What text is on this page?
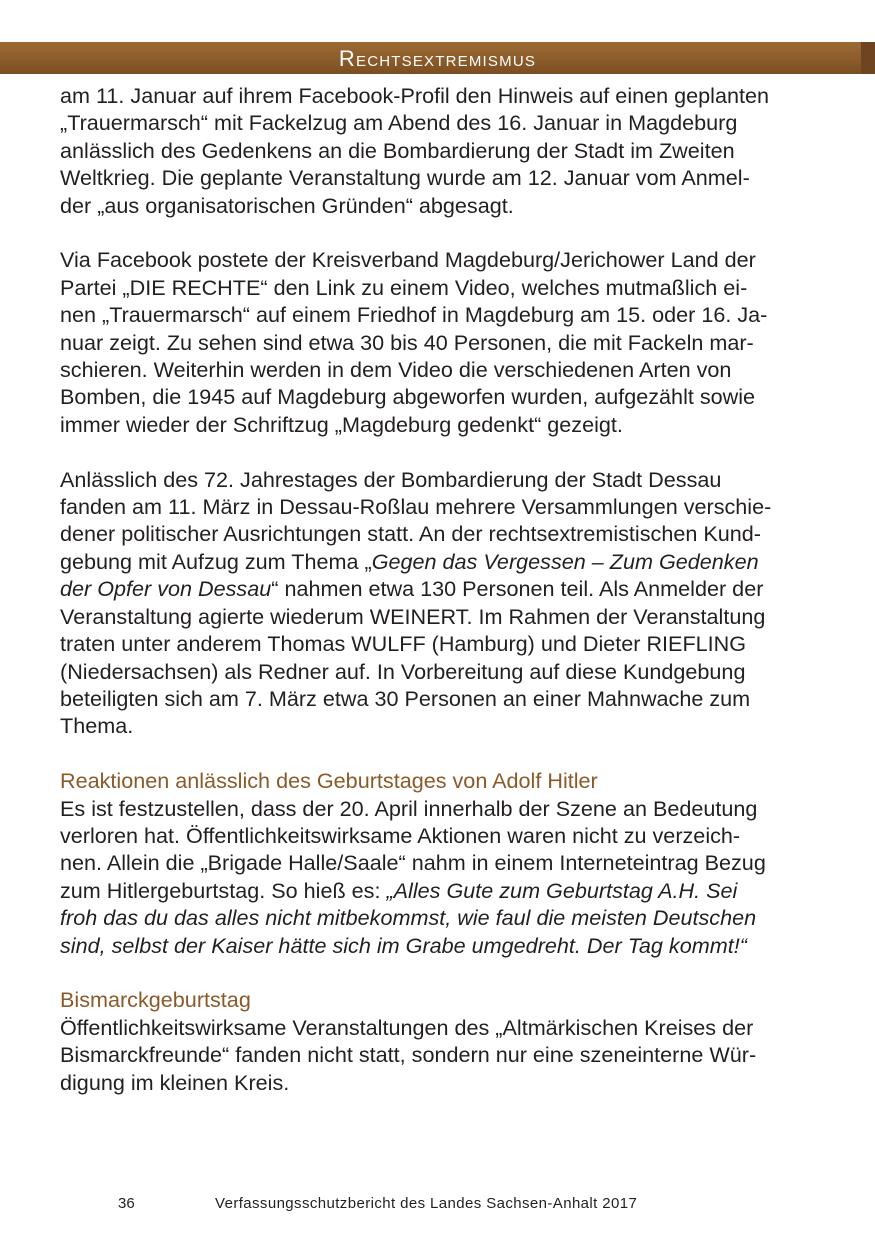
Rechtsextremismus

am 11. Januar auf ihrem Facebook-Profil den Hinweis auf einen geplanten
„Trauermarsch“ mit Fackelzug am Abend des 16. Januar in Magdeburg
anlässlich des Gedenkens an die Bombardierung der Stadt im Zweiten
Weltkrieg. Die geplante Veranstaltung wurde am 12. Januar vom Anmel-
der „aus organisatorischen Gründen“ abgesagt.

Via Facebook postete der Kreisverband Magdeburg/Jerichower Land der
Partei „DIE RECHTE“ den Link zu einem Video, welches mutmaßlich ei-
nen „Trauermarsch“ auf einem Friedhof in Magdeburg am 15. oder 16. Ja-
nuar zeigt. Zu sehen sind etwa 30 bis 40 Personen, die mit Fackeln mar-
schieren. Weiterhin werden in dem Video die verschiedenen Arten von
Bomben, die 1945 auf Magdeburg abgeworfen wurden, aufgezählt sowie
immer wieder der Schriftzug „Magdeburg gedenkt“ gezeigt.

Anlässlich des 72. Jahrestages der Bombardierung der Stadt Dessau
fanden am 11. März in Dessau-Roßlau mehrere Versammlungen verschie-
dener politischer Ausrichtungen statt. An der rechtsextremistischen Kund-
gebung mit Aufzug zum Thema „Gegen das Vergessen – Zum Gedenken
der Opfer von Dessau“ nahmen etwa 130 Personen teil. Als Anmelder der
Veranstaltung agierte wiederum WEINERT. Im Rahmen der Veranstaltung
traten unter anderem Thomas WULFF (Hamburg) und Dieter RIEFLING
(Niedersachsen) als Redner auf. In Vorbereitung auf diese Kundgebung
beteiligten sich am 7. März etwa 30 Personen an einer Mahnwache zum
Thema.

Reaktionen anlässlich des Geburtstages von Adolf Hitler

Es ist festzustellen, dass der 20. April innerhalb der Szene an Bedeutung
verloren hat. Öffentlichkeitswirksame Aktionen waren nicht zu verzeich-
nen. Allein die „Brigade Halle/Saale“ nahm in einem Interneteintrag Bezug
zum Hitlergeburtstag. So hieß es: „Alles Gute zum Geburtstag A.H. Sei
froh das du das alles nicht mitbekommst, wie faul die meisten Deutschen
sind, selbst der Kaiser hätte sich im Grabe umgedreht. Der Tag kommt!“

Bismarckgeburtstag

Öffentlichkeitswirksame Veranstaltungen des „Altmärkischen Kreises der
Bismarckfreunde“ fanden nicht statt, sondern nur eine szeneinterne Wür-
digung im kleinen Kreis.

36	Verfassungsschutzbericht des Landes Sachsen-Anhalt 2017
